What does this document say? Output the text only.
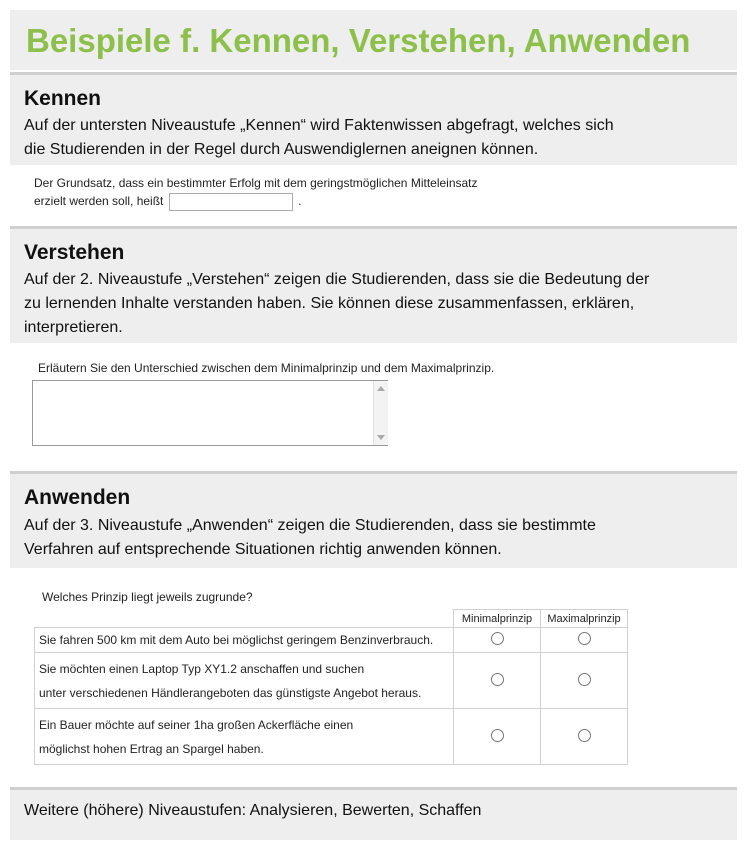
Beispiele f. Kennen, Verstehen, Anwenden
Kennen
Auf der untersten Niveaustufe „Kennen“ wird Faktenwissen abgefragt, welches sich
die Studierenden in der Regel durch Auswendiglernen aneignen können.
Der Grundsatz, dass ein bestimmter Erfolg mit dem geringstmöglichen Mitteleinsatz
erzielt werden soll, heißt	.
Verstehen
Auf der 2. Niveaustufe „Verstehen“ zeigen die Studierenden, dass sie die Bedeutung der
zu lernenden Inhalte verstanden haben. Sie können diese zusammenfassen, erklären,
interpretieren.
Erläutern Sie den Unterschied zwischen dem Minimalprinzip und dem Maximalprinzip.
Anwenden
Auf der 3. Niveaustufe „Anwenden“ zeigen die Studierenden, dass sie bestimmte
Verfahren auf entsprechende Situationen richtig anwenden können.
Welches Prinzip liegt jeweils zugrunde?
	Minimalprinzip	Maximalprinzip

Sie fahren 500 km mit dem Auto bei möglichst geringem Benzinverbrauch.		

Sie möchten einen Laptop Typ XY1.2 anschaffen und suchen
unter verschiedenen Händlerangeboten das günstigste Angebot heraus.		

Ein Bauer möchte auf seiner 1ha großen Ackerfläche einen
möglichst hohen Ertrag an Spargel haben.		

Weitere (höhere) Niveaustufen: Analysieren, Bewerten, Schaffen
